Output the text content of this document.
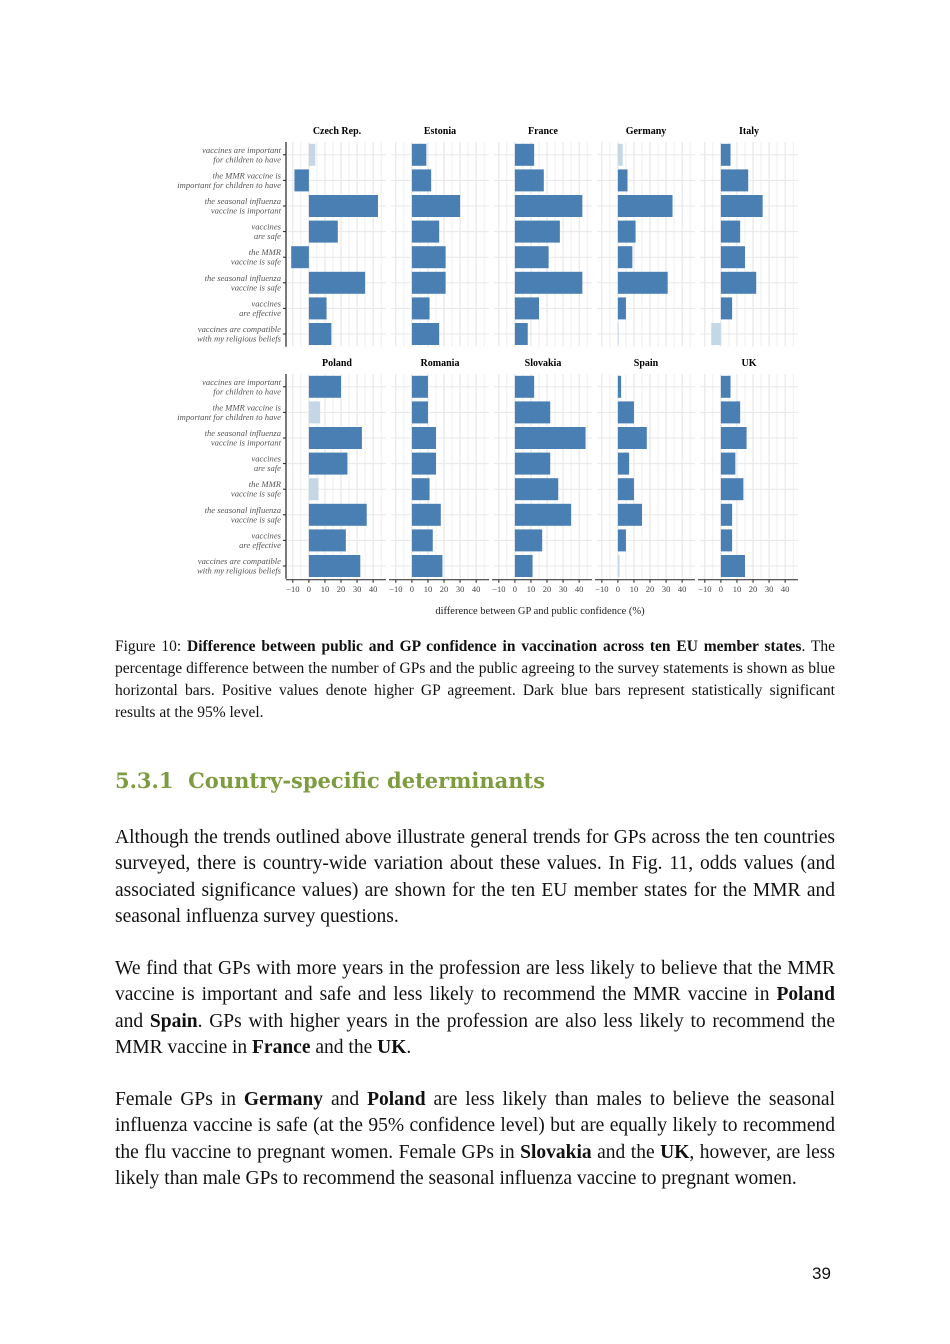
Czech Rep.
vaccines are important
for children to have
the MMR vaccine is
important for children to have
the seasonal influenza
vaccine is important
vaccines
are safe
the MMR
vaccine is safe
the seasonal influenza
vaccine is safe
vaccines
are effective
vaccines are compatible
with my religious beliefs
Estonia	France	Germany	Italy
Poland
vaccines are important
for children to have
the MMR vaccine is
important for children to have
the seasonal influenza
vaccine is important
vaccines
are safe
the MMR
vaccine is safe
the seasonal influenza
vaccine is safe
vaccines
are effective
vaccines are compatible
with my religious beliefs
−10 0 10 20 30 40
Romania
−10 0 10 20 30 40
Slovakia
−10 0 10 20 30 40
Spain
−10 0 10 20 30 40
UK
−10 0 10 20 30 40
difference between GP and public confidence (%)
Figure 10: Difference between public and GP confidence in vaccination across ten EU member states. The percentage difference between the number of GPs and the public agreeing to the survey statements is shown as blue horizontal bars. Positive values denote higher GP agreement. Dark blue bars represent statistically significant results at the 95% level.
5.3.1 Country-specific determinants

Although the trends outlined above illustrate general trends for GPs across the ten countries surveyed, there is country-wide variation about these values. In Fig. 11, odds values (and associated significance values) are shown for the ten EU member states for the MMR and seasonal influenza survey questions.

We find that GPs with more years in the profession are less likely to believe that the MMR vaccine is important and safe and less likely to recommend the MMR vaccine in Poland and Spain. GPs with higher years in the profession are also less likely to recommend the MMR vaccine in France and the UK.

Female GPs in Germany and Poland are less likely than males to believe the seasonal influenza vaccine is safe (at the 95% confidence level) but are equally likely to recommend the flu vaccine to pregnant women. Female GPs in Slovakia and the UK, however, are less likely than male GPs to recommend the seasonal influenza vaccine to pregnant women.

39
